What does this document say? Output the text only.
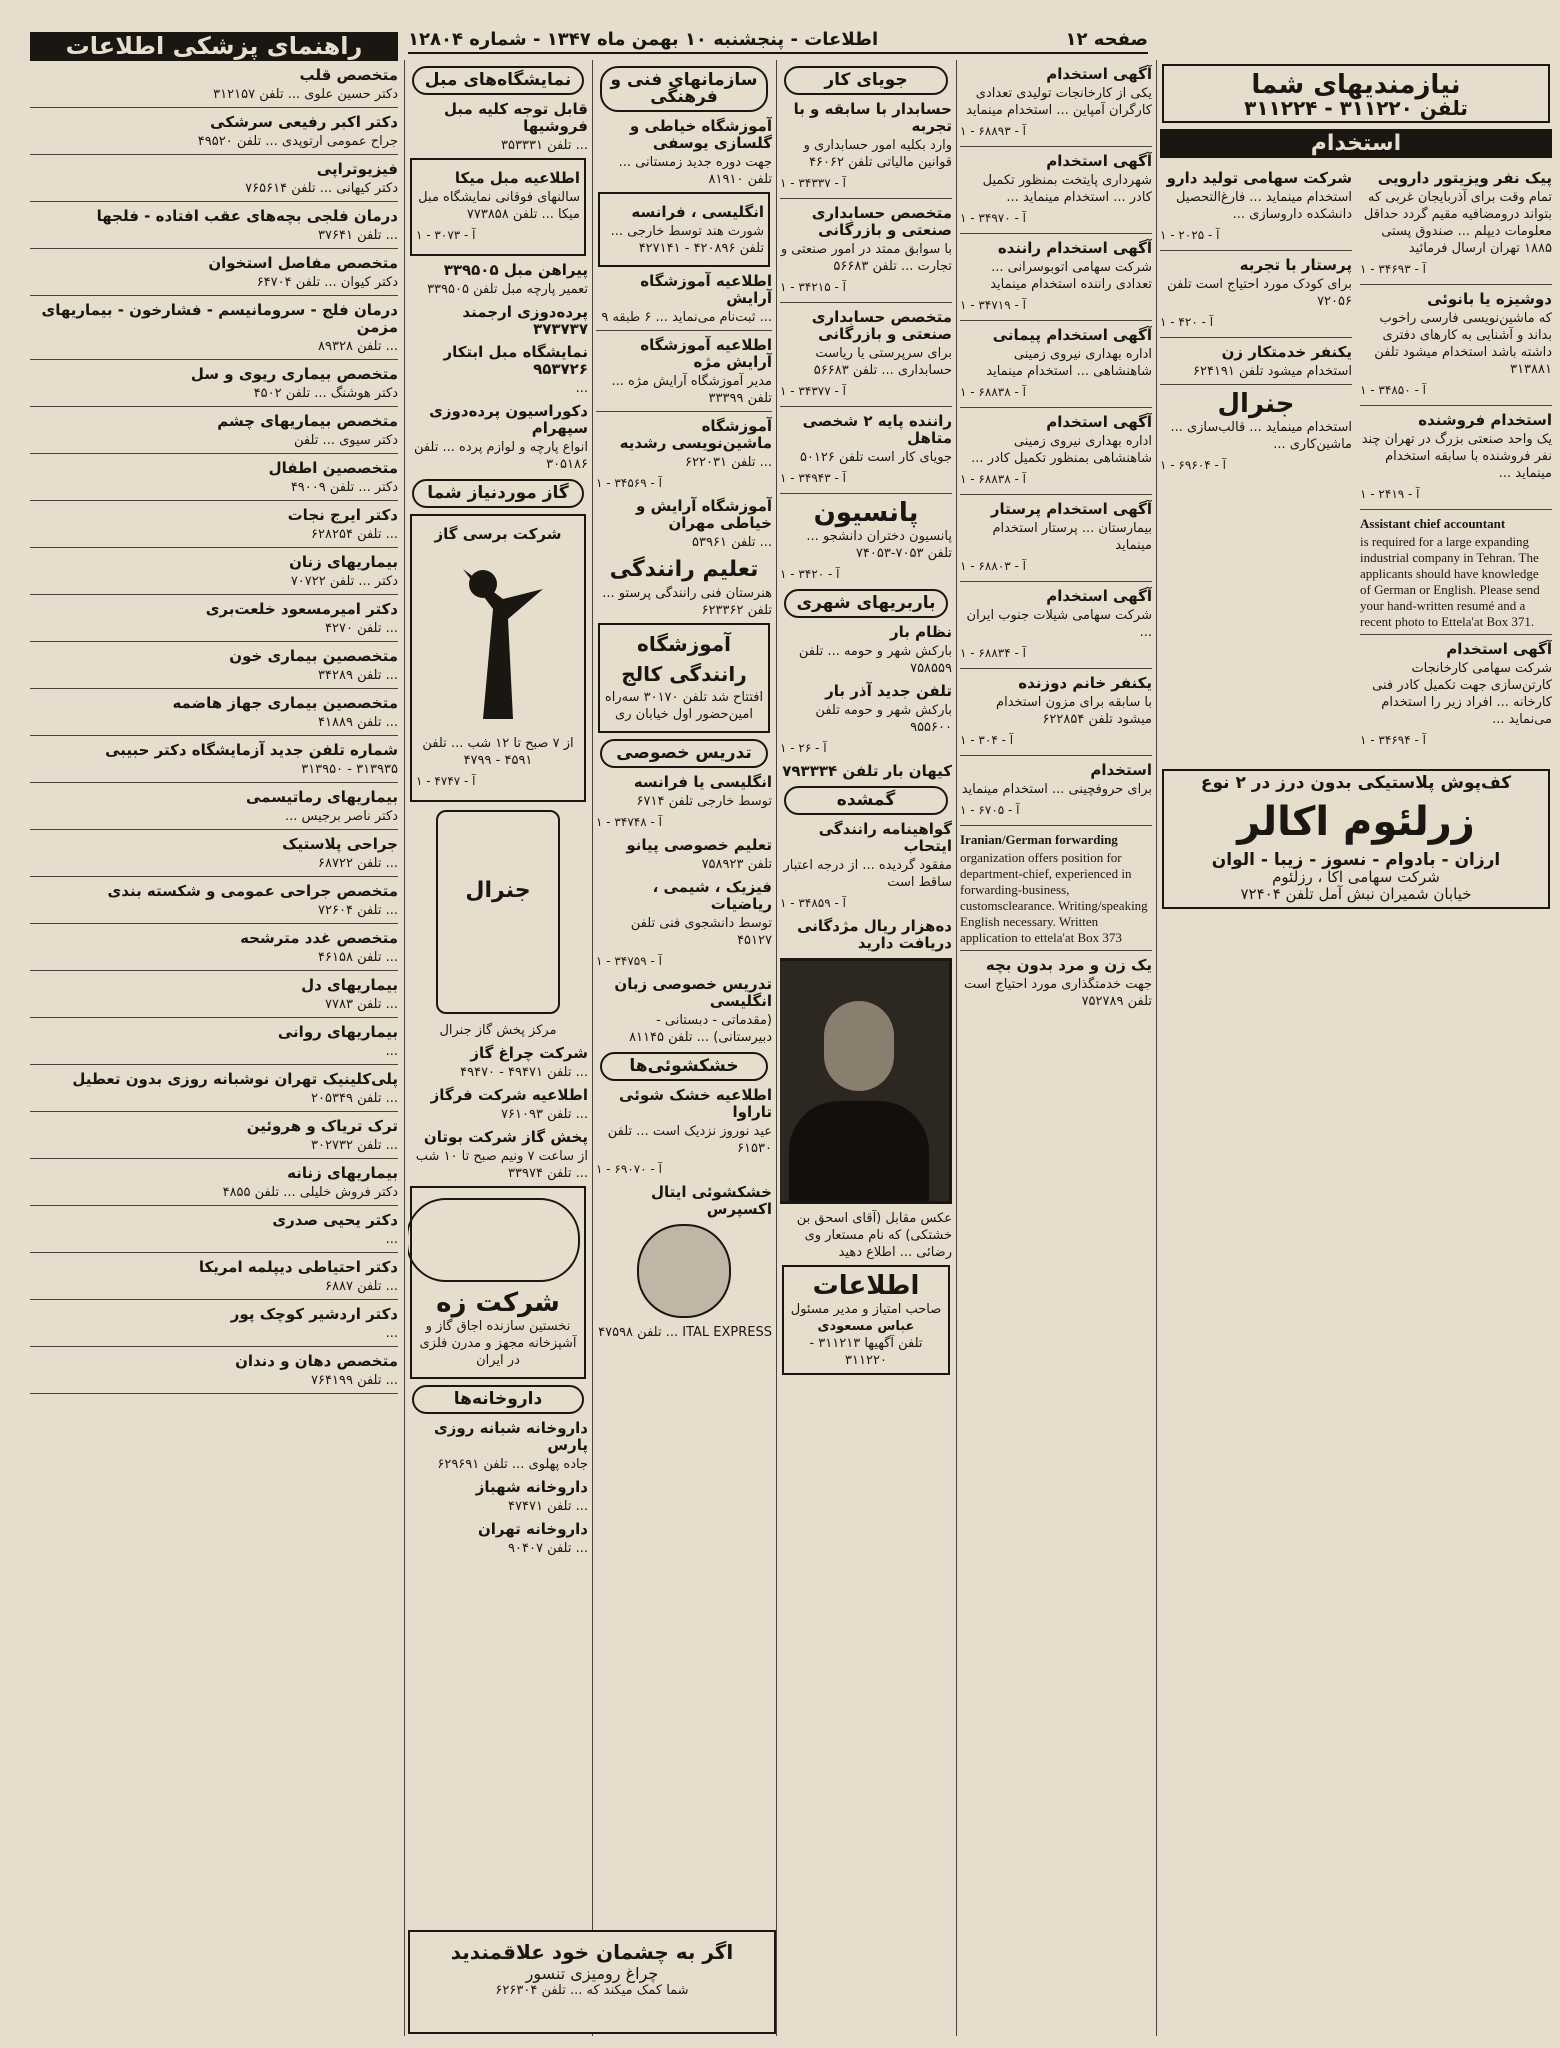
صفحه ۱۲
اطلاعات - پنجشنبه ۱۰ بهمن ماه ۱۳۴۷ - شماره ۱۲۸۰۴
نیازمندیهای شما
تلفن ۳۱۱۲۲۰ - ۳۱۱۲۲۴
استخدام
پیک نفر ویزیتور دارویی
تمام وقت برای آذربایجان غربی که بتواند درومضافیه مقیم گردد حداقل معلومات دیپلم ... صندوق پستی ۱۸۸۵ تهران ارسال فرمائید
آ - ۳۴۶۹۳ - ۱
دوشیزه یا بانوئی
که ماشین‌نویسی فارسی راخوب بداند و آشنایی به کارهای دفتری داشته باشد استخدام میشود تلفن ۳۱۳۸۸۱
آ - ۳۴۸۵۰ - ۱
استخدام فروشنده
یک واحد صنعتی بزرگ در تهران چند نفر فروشنده با سابقه استخدام مینماید ...
آ - ۲۴۱۹ - ۱
Assistant chief accountant
is required for a large expanding industrial company in Tehran. The applicants should have knowledge of German or English. Please send your hand-written resumé and a recent photo to Ettela'at Box 371.
آگهی استخدام
شرکت سهامی کارخانجات کارتن‌سازی جهت تکمیل کادر فنی کارخانه ... افراد زیر را استخدام می‌نماید ...
آ - ۳۴۶۹۴ - ۱
شرکت سهامی تولید دارو
استخدام مینماید ... فارغ‌التحصیل دانشکده داروسازی ...
آ - ۲۰۲۵ - ۱
پرستار با تجربه
برای کودک مورد احتیاج است تلفن ۷۲۰۵۶
آ - ۴۲۰ - ۱
یکنفر خدمتکار زن
استخدام میشود تلفن ۶۲۴۱۹۱
جنرال
استخدام مینماید ... قالب‌سازی ... ماشین‌کاری ...
آ - ۶۹۶۰۴ - ۱
کف‌پوش پلاستیکی بدون درز در ۲ نوع
زرلئوم اکالر
ارزان - بادوام - نسوز - زیبا - الوان
شرکت سهامی اکا ، رزلئوم
خیابان شمیران نبش آمل تلفن ۷۲۴۰۴
آگهی استخدام
یکی از کارخانجات تولیدی تعدادی کارگران آمپاین ... استخدام مینماید
آ - ۶۸۸۹۳ - ۱
آگهی استخدام
شهرداری پایتخت بمنظور تکمیل کادر ... استخدام مینماید ...
آ - ۳۴۹۷۰ - ۱
آگهی استخدام راننده
شرکت سهامی اتوبوسرانی ... تعدادی راننده استخدام مینماید
آ - ۳۴۷۱۹ - ۱
آگهی استخدام پیمانی
اداره بهداری نیروی زمینی شاهنشاهی ... استخدام مینماید
آ - ۶۸۸۳۸ - ۱
آگهی استخدام
اداره بهداری نیروی زمینی شاهنشاهی بمنظور تکمیل کادر ...
آ - ۶۸۸۳۸ - ۱
آگهی استخدام پرستار
بیمارستان ... پرستار استخدام مینماید
آ - ۶۸۸۰۳ - ۱
آگهی استخدام
شرکت سهامی شیلات جنوب ایران ...
آ - ۶۸۸۳۴ - ۱
یکنفر خانم دوزنده
با سابقه برای مزون استخدام میشود تلفن ۶۲۲۸۵۴
آ - ۳۰۴ - ۱
استخدام
برای حروفچینی ... استخدام مینماید
آ - ۶۷۰۵ - ۱
Iranian/German forwarding
organization offers position for department-chief, experienced in forwarding-business, customsclearance. Writing/speaking English necessary. Written application to ettela'at Box 373
یک زن و مرد بدون بچه
جهت خدمتگذاری مورد احتیاج است تلفن ۷۵۲۷۸۹
جویای کار
حسابدار با سابقه و با تجربه
وارد بکلیه امور حسابداری و قوانین مالیاتی تلفن ۴۶۰۶۲
آ - ۳۴۳۳۷ - ۱
متخصص حسابداری صنعتی و بازرگانی
با سوابق ممتد در امور صنعتی و تجارت ... تلفن ۵۶۶۸۳
آ - ۳۴۲۱۵ - ۱
متخصص حسابداری صنعتی و بازرگانی
برای سرپرستی یا ریاست حسابداری ... تلفن ۵۶۶۸۳
آ - ۳۴۳۷۷ - ۱
راننده پایه ۲ شخصی متاهل
جویای کار است تلفن ۵۰۱۲۶
آ - ۳۴۹۴۳ - ۱
پانسیون
پانسیون دختران دانشجو ... تلفن ۷۰۵۳-۷۴۰۵۳
آ - ۳۴۲۰ - ۱
باربریهای شهری
نظام بار
بارکش شهر و حومه ... تلفن ۷۵۸۵۵۹
تلفن جدید آذر بار
بارکش شهر و حومه تلفن ۹۵۵۶۰۰
آ - ۲۶ - ۱
کیهان بار تلفن ۷۹۳۳۳۴
گمشده
گواهینامه رانندگی ایتحاب
مفقود گردیده ... از درجه اعتبار ساقط است
آ - ۳۴۸۵۹ - ۱
ده‌هزار ریال مژدگانی دریافت دارید
عکس مقابل (آقای اسحق بن خشتکی) که نام مستعار وی رضائی ... اطلاع دهید
اطلاعات
صاحب امتیاز و مدیر مسئول
عباس مسعودی
تلفن آگهیها ۳۱۱۲۱۳ - ۳۱۱۲۲۰
سازمانهای فنی و فرهنگی
آموزشگاه خیاطی و گلسازی یوسفی
جهت دوره جدید زمستانی ... تلفن ۸۱۹۱۰
انگلیسی ، فرانسه
شورت هند توسط خارجی ... تلفن ۴۲۰۸۹۶ - ۴۲۷۱۴۱
اطلاعیه آموزشگاه آرایش
... ثبت‌نام می‌نماید ... ۶ طبقه ۹
اطلاعیه آموزشگاه آرایش مژه
مدیر آموزشگاه آرایش مژه ... تلفن ۳۳۳۹۹
آموزشگاه ماشین‌نویسی رشدیه
... تلفن ۶۲۲۰۳۱
آ - ۳۴۵۶۹ - ۱
آموزشگاه آرایش و خیاطی مهران
... تلفن ۵۳۹۶۱
تعلیم رانندگی
هنرستان فنی رانندگی پرستو ... تلفن ۶۲۳۳۶۲
آموزشگاه رانندگی کالج
افتتاح شد تلفن ۳۰۱۷۰ سه‌راه امین‌حضور اول خیابان ری
تدریس خصوصی
انگلیسی یا فرانسه
توسط خارجی تلفن ۶۷۱۴
آ - ۳۴۷۴۸ - ۱
تعلیم خصوصی پیانو
تلفن ۷۵۸۹۲۳
فیزیک ، شیمی ، ریاضیات
توسط دانشجوی فنی تلفن ۴۵۱۲۷
آ - ۳۴۷۵۹ - ۱
تدریس خصوصی زبان انگلیسی
(مقدماتی - دبستانی - دبیرستانی) ... تلفن ۸۱۱۴۵
خشکشوئی‌ها
اطلاعیه خشک شوئی تاراوا
عید نوروز نزدیک است ... تلفن ۶۱۵۳۰
آ - ۶۹۰۷۰ - ۱
خشکشوئی ایتال اکسپرس
ITAL EXPRESS ... تلفن ۴۷۵۹۸
نمایشگاه‌های مبل
قابل توجه کلیه مبل فروشیها
... تلفن ۳۵۳۳۳۱
اطلاعیه مبل میکا
سالنهای فوقانی نمایشگاه مبل میکا ... تلفن ۷۷۳۸۵۸
آ - ۳۰۷۳ - ۱
پیراهن مبل ۳۳۹۵۰۵
تعمیر پارچه مبل تلفن ۳۳۹۵۰۵
پرده‌دوزی ارجمند ۳۷۳۷۳۷
نمایشگاه مبل ابتکار ۹۵۳۷۲۶
...
دکوراسیون پرده‌دوزی سپهرام
انواع پارچه و لوازم پرده ... تلفن ۳۰۵۱۸۶
گاز موردنیاز شما
شرکت برسی گاز
از ۷ صبح تا ۱۲ شب ... تلفن ۴۵۹۱ - ۴۷۹۹
آ - ۴۷۴۷ - ۱
جنرال
مرکز پخش گاز جنرال
شرکت چراغ گاز
... تلفن ۴۹۴۷۱ - ۴۹۴۷۰
اطلاعیه شرکت فرگاز
... تلفن ۷۶۱۰۹۳
پخش گاز شرکت بوتان
از ساعت ۷ ونیم صبح تا ۱۰ شب ... تلفن ۳۳۹۷۴
شرکت زه
نخستین سازنده اجاق گاز و آشپزخانه مجهز و مدرن فلزی در ایران
داروخانه‌ها
داروخانه شبانه روزی پارس
جاده پهلوی ... تلفن ۶۲۹۶۹۱
داروخانه شهباز
... تلفن ۴۷۴۷۱
داروخانه تهران
... تلفن ۹۰۴۰۷
اگر به چشمان خود علاقمندید
چراغ رومیزی تنسور
شما کمک میکند که ... تلفن ۶۲۶۳۰۴
راهنمای پزشکی اطلاعات
متخصص قلب
دکتر حسین علوی ... تلفن ۳۱۲۱۵۷
دکتر اکبر رفیعی سرشکی
جراح عمومی ارتوپدی ... تلفن ۴۹۵۲۰
فیزیوتراپی
دکتر کیهانی ... تلفن ۷۶۵۶۱۴
درمان فلجی بچه‌های عقب افتاده - فلجها
... تلفن ۳۷۶۴۱
متخصص مفاصل استخوان
دکتر کیوان ... تلفن ۶۴۷۰۴
درمان فلج - سرومانیسم - فشارخون - بیماریهای مزمن
... تلفن ۸۹۳۲۸
متخصص بیماری ریوی و سل
دکتر هوشنگ ... تلفن ۴۵۰۲
متخصص بیماریهای چشم
دکتر سیوی ... تلفن
متخصصین اطفال
دکتر ... تلفن ۴۹۰۰۹
دکتر ایرج نجات
... تلفن ۶۲۸۲۵۴
بیماریهای زنان
دکتر ... تلفن ۷۰۷۲۲
دکتر امیرمسعود خلعت‌بری
... تلفن ۴۲۷۰
متخصصین بیماری خون
... تلفن ۳۴۲۸۹
متخصصین بیماری جهاز هاضمه
... تلفن ۴۱۸۸۹
شماره تلفن جدید آزمایشگاه دکتر حبیبی
۳۱۳۹۳۵ - ۳۱۳۹۵۰
بیماریهای رماتیسمی
دکتر ناصر برجیس ...
جراحی پلاستیک
... تلفن ۶۸۷۲۲
متخصص جراحی عمومی و شکسته بندی
... تلفن ۷۲۶۰۴
متخصص غدد مترشحه
... تلفن ۴۶۱۵۸
بیماریهای دل
... تلفن ۷۷۸۳
بیماریهای روانی
...
پلی‌کلینیک تهران نوشبانه روزی بدون تعطیل
... تلفن ۲۰۵۳۴۹
ترک تریاک و هروئین
... تلفن ۳۰۲۷۳۲
بیماریهای زنانه
دکتر فروش خلیلی ... تلفن ۴۸۵۵
دکتر یحیی صدری
...
دکتر احتیاطی دیپلمه امریکا
... تلفن ۶۸۸۷
دکتر اردشیر کوچک پور
...
متخصص دهان و دندان
... تلفن ۷۶۴۱۹۹
